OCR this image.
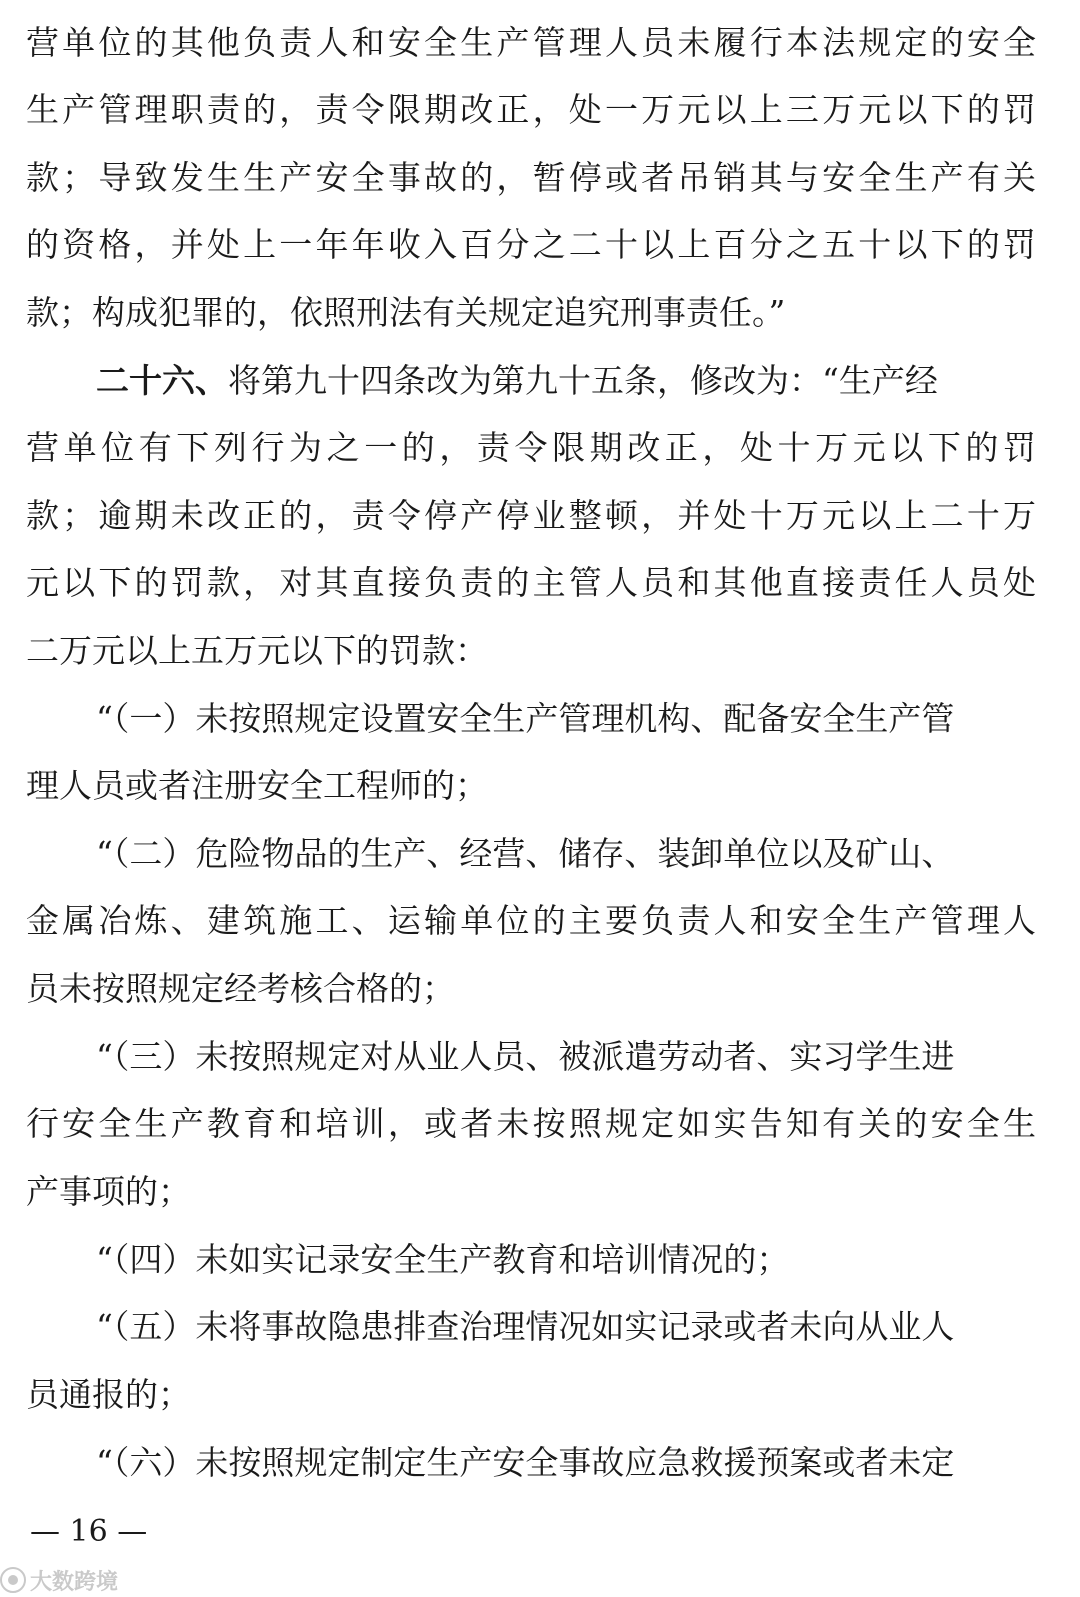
营单位的其他负责人和安全生产管理人员未履行本法规定的安全
生产管理职责的，责令限期改正，处一万元以上三万元以下的罚
款；导致发生生产安全事故的，暂停或者吊销其与安全生产有关
的资格，并处上一年年收入百分之二十以上百分之五十以下的罚
款；构成犯罪的，依照刑法有关规定追究刑事责任。”
二十六、将第九十四条改为第九十五条，修改为：“生产经
营单位有下列行为之一的，责令限期改正，处十万元以下的罚
款；逾期未改正的，责令停产停业整顿，并处十万元以上二十万
元以下的罚款，对其直接负责的主管人员和其他直接责任人员处
二万元以上五万元以下的罚款：
“（一）未按照规定设置安全生产管理机构、配备安全生产管
理人员或者注册安全工程师的；
“（二）危险物品的生产、经营、储存、装卸单位以及矿山、
金属冶炼、建筑施工、运输单位的主要负责人和安全生产管理人
员未按照规定经考核合格的；
“（三）未按照规定对从业人员、被派遣劳动者、实习学生进
行安全生产教育和培训，或者未按照规定如实告知有关的安全生
产事项的；
“（四）未如实记录安全生产教育和培训情况的；
“（五）未将事故隐患排查治理情况如实记录或者未向从业人
员通报的；
“（六）未按照规定制定生产安全事故应急救援预案或者未定
— 16 —
大数跨境
